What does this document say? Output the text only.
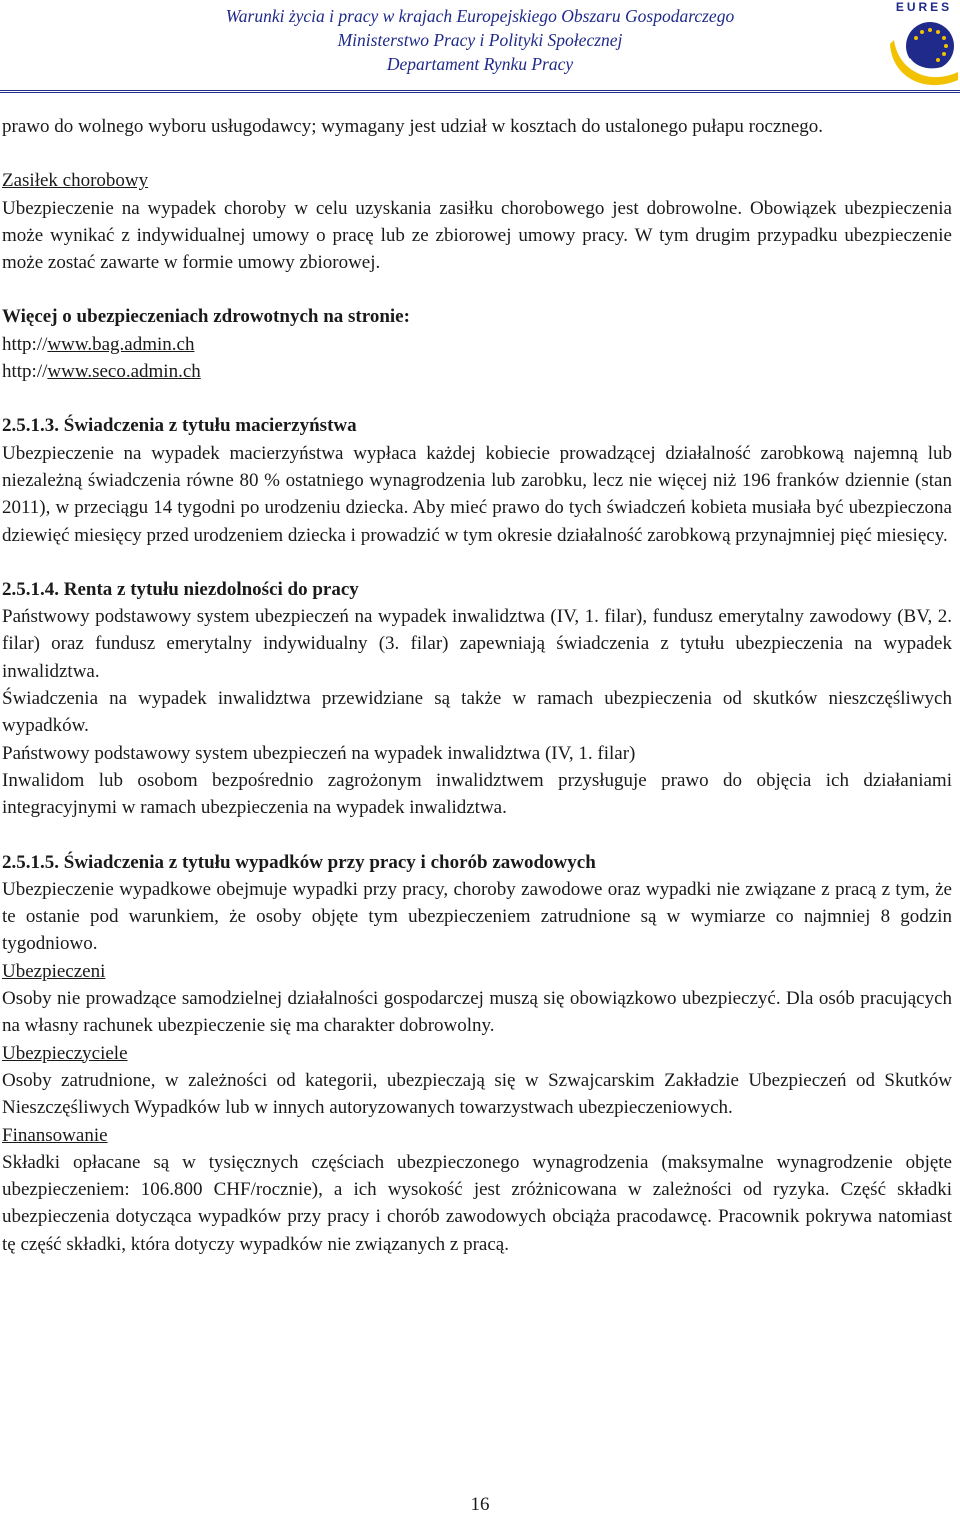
Warunki życia i pracy w krajach Europejskiego Obszaru Gospodarczego
Ministerstwo Pracy i Polityki Społecznej
Departament Rynku Pracy
EURES

prawo do wolnego wyboru usługodawcy; wymagany jest udział w kosztach do ustalonego pułapu rocznego.

Zasiłek chorobowy

Ubezpieczenie na wypadek choroby w celu uzyskania zasiłku chorobowego jest dobrowolne. Obowiązek ubezpieczenia może wynikać z indywidualnej umowy o pracę lub ze zbiorowej umowy pracy. W tym drugim przypadku ubezpieczenie może zostać zawarte w formie umowy zbiorowej.

Więcej o ubezpieczeniach zdrowotnych na stronie:

http://www.bag.admin.ch

http://www.seco.admin.ch

2.5.1.3. Świadczenia z tytułu macierzyństwa

Ubezpieczenie na wypadek macierzyństwa wypłaca każdej kobiecie prowadzącej działalność zarobkową najemną lub niezależną świadczenia równe 80 % ostatniego wynagrodzenia lub zarobku, lecz nie więcej niż 196 franków dziennie (stan 2011), w przeciągu 14 tygodni po urodzeniu dziecka. Aby mieć prawo do tych świadczeń kobieta musiała być ubezpieczona dziewięć miesięcy przed urodzeniem dziecka i prowadzić w tym okresie działalność zarobkową przynajmniej pięć miesięcy.

2.5.1.4. Renta z tytułu niezdolności do pracy

Państwowy podstawowy system ubezpieczeń na wypadek inwalidztwa (IV, 1. filar), fundusz emerytalny zawodowy (BV, 2. filar) oraz fundusz emerytalny indywidualny (3. filar) zapewniają świadczenia z tytułu ubezpieczenia na wypadek inwalidztwa.

Świadczenia na wypadek inwalidztwa przewidziane są także w ramach ubezpieczenia od skutków nieszczęśliwych wypadków.

Państwowy podstawowy system ubezpieczeń na wypadek inwalidztwa (IV, 1. filar)

Inwalidom lub osobom bezpośrednio zagrożonym inwalidztwem przysługuje prawo do objęcia ich działaniami integracyjnymi w ramach ubezpieczenia na wypadek inwalidztwa.

2.5.1.5. Świadczenia z tytułu wypadków przy pracy i chorób zawodowych

Ubezpieczenie wypadkowe obejmuje wypadki przy pracy, choroby zawodowe oraz wypadki nie związane z pracą z tym, że te ostanie pod warunkiem, że osoby objęte tym ubezpieczeniem zatrudnione są w wymiarze co najmniej 8 godzin tygodniowo.

Ubezpieczeni

Osoby nie prowadzące samodzielnej działalności gospodarczej muszą się obowiązkowo ubezpieczyć. Dla osób pracujących na własny rachunek ubezpieczenie się ma charakter dobrowolny.

Ubezpieczyciele

Osoby zatrudnione, w zależności od kategorii, ubezpieczają się w Szwajcarskim Zakładzie Ubezpieczeń od Skutków Nieszczęśliwych Wypadków lub w innych autoryzowanych towarzystwach ubezpieczeniowych.

Finansowanie

Składki opłacane są w tysięcznych częściach ubezpieczonego wynagrodzenia (maksymalne wynagrodzenie objęte ubezpieczeniem: 106.800 CHF/rocznie), a ich wysokość jest zróżnicowana w zależności od ryzyka. Część składki ubezpieczenia dotycząca wypadków przy pracy i chorób zawodowych obciąża pracodawcę. Pracownik pokrywa natomiast tę część składki, która dotyczy wypadków nie związanych z pracą.

16
